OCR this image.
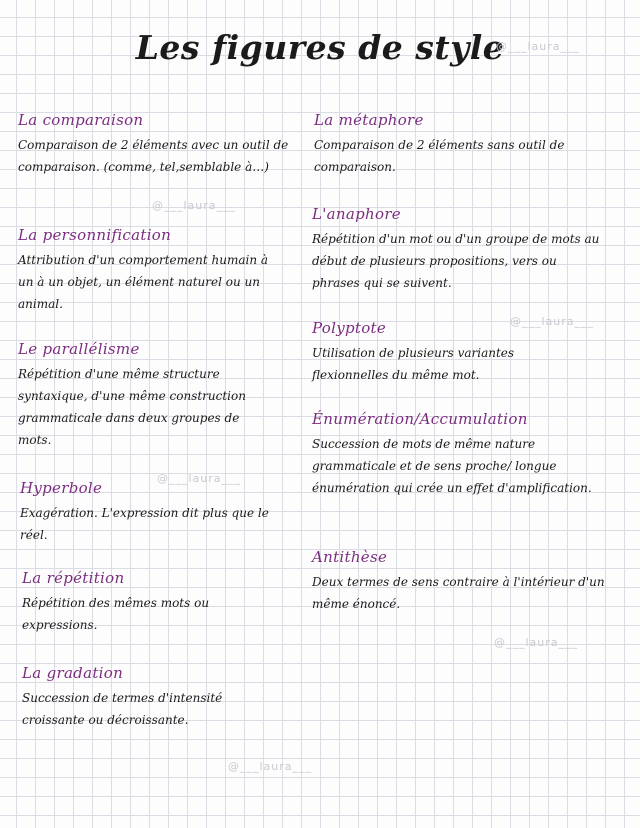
Les figures de style
@___laura___
@___laura___
@___laura___
@___laura___
@___laura___
@___laura___
La comparaison

Comparaison de 2 éléments avec un outil de comparaison. (comme, tel,semblable à…)

La personnification

Attribution d'un comportement humain à un à un objet, un élément naturel ou un animal.

Le parallélisme

Répétition d'une même structure syntaxique, d'une même construction grammaticale dans deux groupes de mots.

Hyperbole

Exagération. L'expression dit plus que le réel.

La répétition

Répétition des mêmes mots ou expressions.

La gradation

Succession de termes d'intensité croissante ou décroissante.

La métaphore

Comparaison de 2 éléments sans outil de comparaison.

L'anaphore

Répétition d'un mot ou d'un groupe de mots au début de plusieurs propositions, vers ou phrases qui se suivent.

Polyptote

Utilisation de plusieurs variantes flexionnelles du même mot.

Énumération/Accumulation

Succession de mots de même nature grammaticale et de sens proche/ longue énumération qui crée un effet d'amplification.

Antithèse

Deux termes de sens contraire à l'intérieur d'un même énoncé.
